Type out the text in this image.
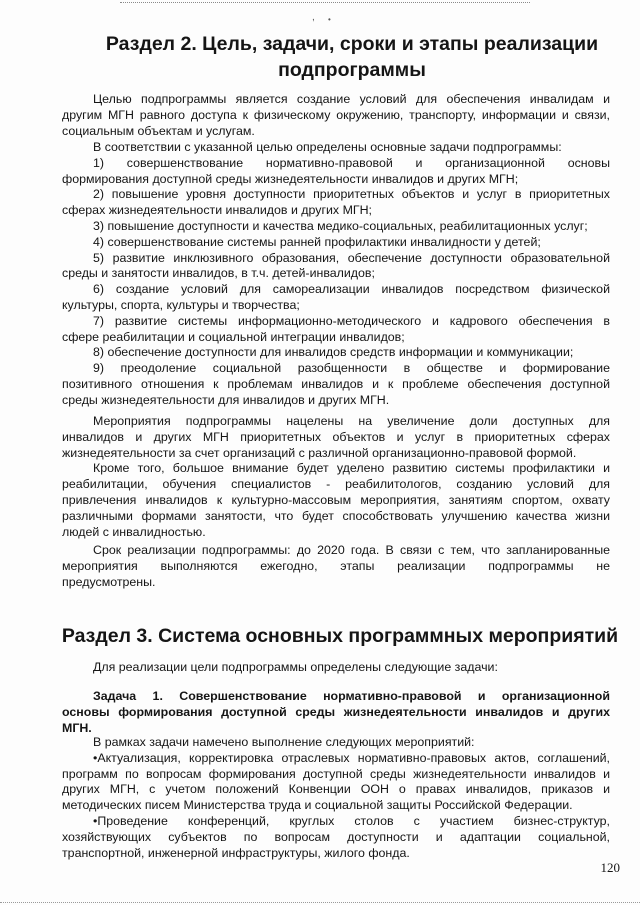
, •
Раздел 2. Цель, задачи, сроки и этапы реализации
подпрограммы
Целью подпрограммы является создание условий для обеспечения инвалидам и
другим МГН равного доступа к физическому окружению, транспорту, информации и связи,
социальным объектам и услугам.
В соответствии с указанной целью определены основные задачи подпрограммы:
1) совершенствование нормативно-правовой и организационной основы
формирования доступной среды жизнедеятельности инвалидов и других МГН;
2) повышение уровня доступности приоритетных объектов и услуг в приоритетных
сферах жизнедеятельности инвалидов и других МГН;
3) повышение доступности и качества медико-социальных, реабилитационных услуг;
4) совершенствование системы ранней профилактики инвалидности у детей;
5) развитие инклюзивного образования, обеспечение доступности образовательной
среды и занятости инвалидов, в т.ч. детей-инвалидов;
6) создание условий для самореализации инвалидов посредством физической
культуры, спорта, культуры и творчества;
7) развитие системы информационно-методического и кадрового обеспечения в
сфере реабилитации и социальной интеграции инвалидов;
8) обеспечение доступности для инвалидов средств информации и коммуникации;
9) преодоление социальной разобщенности в обществе и формирование
позитивного отношения к проблемам инвалидов и к проблеме обеспечения доступной
среды жизнедеятельности для инвалидов и других МГН.
Мероприятия подпрограммы нацелены на увеличение доли доступных для
инвалидов и других МГН приоритетных объектов и услуг в приоритетных сферах
жизнедеятельности за счет организаций с различной организационно-правовой формой.
Кроме того, большое внимание будет уделено развитию системы профилактики и
реабилитации, обучения специалистов - реабилитологов, созданию условий для
привлечения инвалидов к культурно-массовым мероприятия, занятиям спортом, охвату
различными формами занятости, что будет способствовать улучшению качества жизни
людей с инвалидностью.
Срок реализации подпрограммы: до 2020 года. В связи с тем, что запланированные
мероприятия выполняются ежегодно, этапы реализации подпрограммы не
предусмотрены.
Раздел 3. Система основных программных мероприятий
Для реализации цели подпрограммы определены следующие задачи:
Задача 1. Совершенствование нормативно-правовой и организационной
основы формирования доступной среды жизнедеятельности инвалидов и других
МГН.
В рамках задачи намечено выполнение следующих мероприятий:
•Актуализация, корректировка отраслевых нормативно-правовых актов, соглашений,
программ по вопросам формирования доступной среды жизнедеятельности инвалидов и
других МГН, с учетом положений Конвенции ООН о правах инвалидов, приказов и
методических писем Министерства труда и социальной защиты Российской Федерации.
•Проведение конференций, круглых столов с участием бизнес-структур,
хозяйствующих субъектов по вопросам доступности и адаптации социальной,
транспортной, инженерной инфраструктуры, жилого фонда.
120
